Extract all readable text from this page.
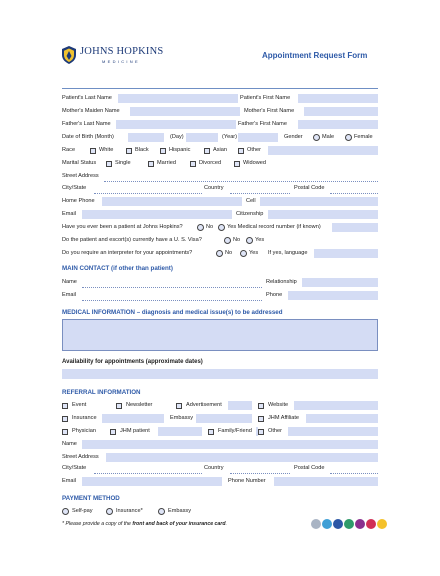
JOHNS HOPKINS
MEDICINE
Appointment Request Form
Patient's Last Name	Patient's First Name
Mother's Maiden Name	Mother's First Name
Father's Last Name	Father's First Name
Date of Birth (Month)	(Day)	(Year)	Gender	Male	Female
Race	White	Black	Hispanic	Asian	Other
Marital Status	Single	Married	Divorced	Widowed
Street Address
City/State	Country	Postal Code
Home Phone	Cell
Email	Citizenship
Have you ever been a patient at Johns Hopkins?	No Yes Medical record number (if known)
Do the patient and escort(s) currently have a U. S. Visa?	No	Yes
Do you require an interpreter for your appointments?	No	Yes If yes, language
MAIN CONTACT (if other than patient)
Name	Relationship
Email	Phone
MEDICAL INFORMATION – diagnosis and medical issue(s) to be addressed
Availability for appointments (approximate dates)
REFERRAL INFORMATION
Event	Newsletter	Advertisement	Website
Insurance	Embassy	JHM Affiliate
Physician	JHM patient	Family/Friend	Other
Name
Street Address
City/State	Country	Postal Code
Email	Phone Number
PAYMENT METHOD
Self-pay	Insurance*	Embassy
* Please provide a copy of the front and back of your insurance card.
